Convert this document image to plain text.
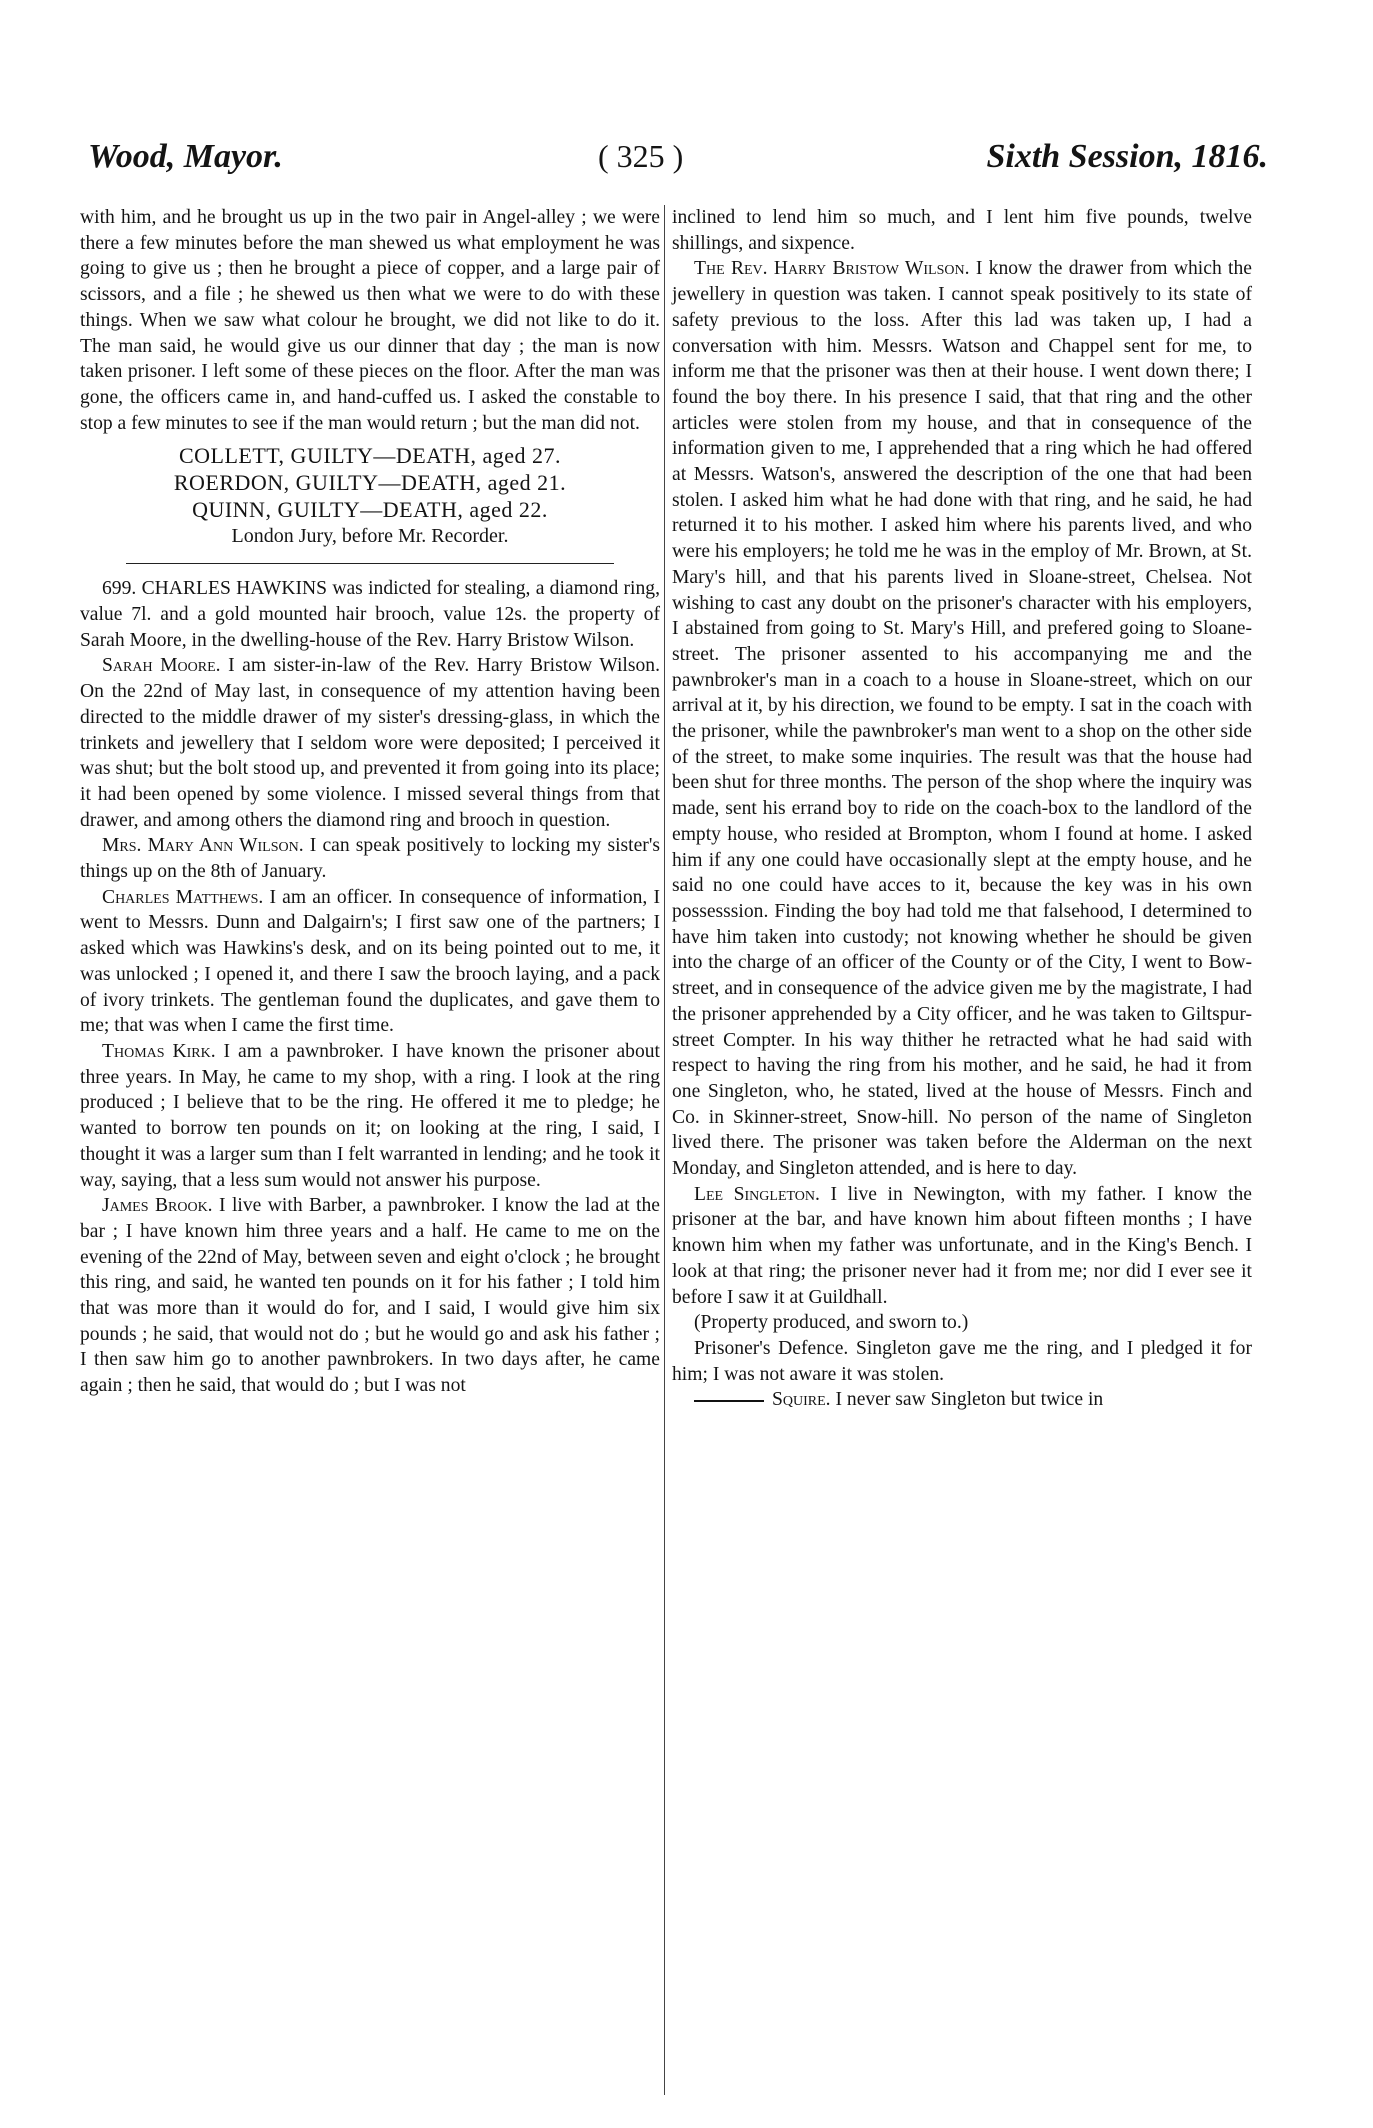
Wood, Mayor.	( 325 )	Sixth Session, 1816.

with him, and he brought us up in the two pair in Angel-alley ; we were there a few minutes before the man shewed us what employment he was going to give us ; then he brought a piece of copper, and a large pair of scissors, and a file ; he shewed us then what we were to do with these things. When we saw what colour he brought, we did not like to do it. The man said, he would give us our dinner that day ; the man is now taken prisoner. I left some of these pieces on the floor. After the man was gone, the officers came in, and hand-cuffed us. I asked the constable to stop a few minutes to see if the man would return ; but the man did not.

COLLETT, GUILTY—DEATH, aged 27.
ROERDON, GUILTY—DEATH, aged 21.
QUINN, GUILTY—DEATH, aged 22.
London Jury, before Mr. Recorder.

699. CHARLES HAWKINS was indicted for stealing, a diamond ring, value 7l. and a gold mounted hair brooch, value 12s. the property of Sarah Moore, in the dwelling-house of the Rev. Harry Bristow Wilson.

Sarah Moore. I am sister-in-law of the Rev. Harry Bristow Wilson. On the 22nd of May last, in consequence of my attention having been directed to the middle drawer of my sister's dressing-glass, in which the trinkets and jewellery that I seldom wore were deposited; I perceived it was shut; but the bolt stood up, and prevented it from going into its place; it had been opened by some violence. I missed several things from that drawer, and among others the diamond ring and brooch in question.

Mrs. Mary Ann Wilson. I can speak positively to locking my sister's things up on the 8th of January.

Charles Matthews. I am an officer. In consequence of information, I went to Messrs. Dunn and Dalgairn's; I first saw one of the partners; I asked which was Hawkins's desk, and on its being pointed out to me, it was unlocked ; I opened it, and there I saw the brooch laying, and a pack of ivory trinkets. The gentleman found the duplicates, and gave them to me; that was when I came the first time.

Thomas Kirk. I am a pawnbroker. I have known the prisoner about three years. In May, he came to my shop, with a ring. I look at the ring produced ; I believe that to be the ring. He offered it me to pledge; he wanted to borrow ten pounds on it; on looking at the ring, I said, I thought it was a larger sum than I felt warranted in lending; and he took it way, saying, that a less sum would not answer his purpose.

James Brook. I live with Barber, a pawnbroker. I know the lad at the bar ; I have known him three years and a half. He came to me on the evening of the 22nd of May, between seven and eight o'clock ; he brought this ring, and said, he wanted ten pounds on it for his father ; I told him that was more than it would do for, and I said, I would give him six pounds ; he said, that would not do ; but he would go and ask his father ; I then saw him go to another pawnbrokers. In two days after, he came again ; then he said, that would do ; but I was not

inclined to lend him so much, and I lent him five pounds, twelve shillings, and sixpence.

The Rev. Harry Bristow Wilson. I know the drawer from which the jewellery in question was taken. I cannot speak positively to its state of safety previous to the loss. After this lad was taken up, I had a conversation with him. Messrs. Watson and Chappel sent for me, to inform me that the prisoner was then at their house. I went down there; I found the boy there. In his presence I said, that that ring and the other articles were stolen from my house, and that in consequence of the information given to me, I apprehended that a ring which he had offered at Messrs. Watson's, answered the description of the one that had been stolen. I asked him what he had done with that ring, and he said, he had returned it to his mother. I asked him where his parents lived, and who were his employers; he told me he was in the employ of Mr. Brown, at St. Mary's hill, and that his parents lived in Sloane-street, Chelsea. Not wishing to cast any doubt on the prisoner's character with his employers, I abstained from going to St. Mary's Hill, and prefered going to Sloane-street. The prisoner assented to his accompanying me and the pawnbroker's man in a coach to a house in Sloane-street, which on our arrival at it, by his direction, we found to be empty. I sat in the coach with the prisoner, while the pawnbroker's man went to a shop on the other side of the street, to make some inquiries. The result was that the house had been shut for three months. The person of the shop where the inquiry was made, sent his errand boy to ride on the coach-box to the landlord of the empty house, who resided at Brompton, whom I found at home. I asked him if any one could have occasionally slept at the empty house, and he said no one could have acces to it, because the key was in his own possesssion. Finding the boy had told me that falsehood, I determined to have him taken into custody; not knowing whether he should be given into the charge of an officer of the County or of the City, I went to Bow-street, and in consequence of the advice given me by the magistrate, I had the prisoner apprehended by a City officer, and he was taken to Giltspur-street Compter. In his way thither he retracted what he had said with respect to having the ring from his mother, and he said, he had it from one Singleton, who, he stated, lived at the house of Messrs. Finch and Co. in Skinner-street, Snow-hill. No person of the name of Singleton lived there. The prisoner was taken before the Alderman on the next Monday, and Singleton attended, and is here to day.

Lee Singleton. I live in Newington, with my father. I know the prisoner at the bar, and have known him about fifteen months ; I have known him when my father was unfortunate, and in the King's Bench. I look at that ring; the prisoner never had it from me; nor did I ever see it before I saw it at Guildhall.

(Property produced, and sworn to.)

Prisoner's Defence. Singleton gave me the ring, and I pledged it for him; I was not aware it was stolen.

Squire. I never saw Singleton but twice in
